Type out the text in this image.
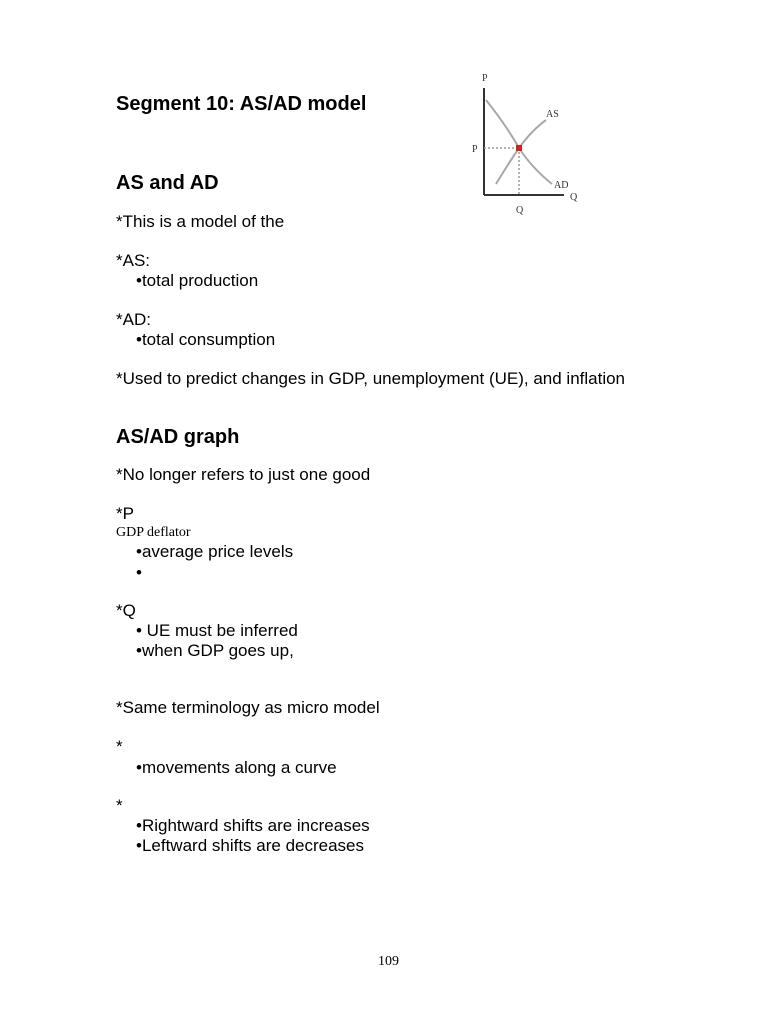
Segment 10: AS/AD model
P
Q
P
Q
AS
AD
AS and AD
*This is a model of the
*AS:
•total production
*AD:
•total consumption
*Used to predict changes in GDP, unemployment (UE), and inflation
AS/AD graph
*No longer refers to just one good
*P
GDP deflator
•average price levels
•
*Q
• UE must be inferred
•when GDP goes up,
*Same terminology as micro model
*
•movements along a curve
*
•Rightward shifts are increases
•Leftward shifts are decreases
109
